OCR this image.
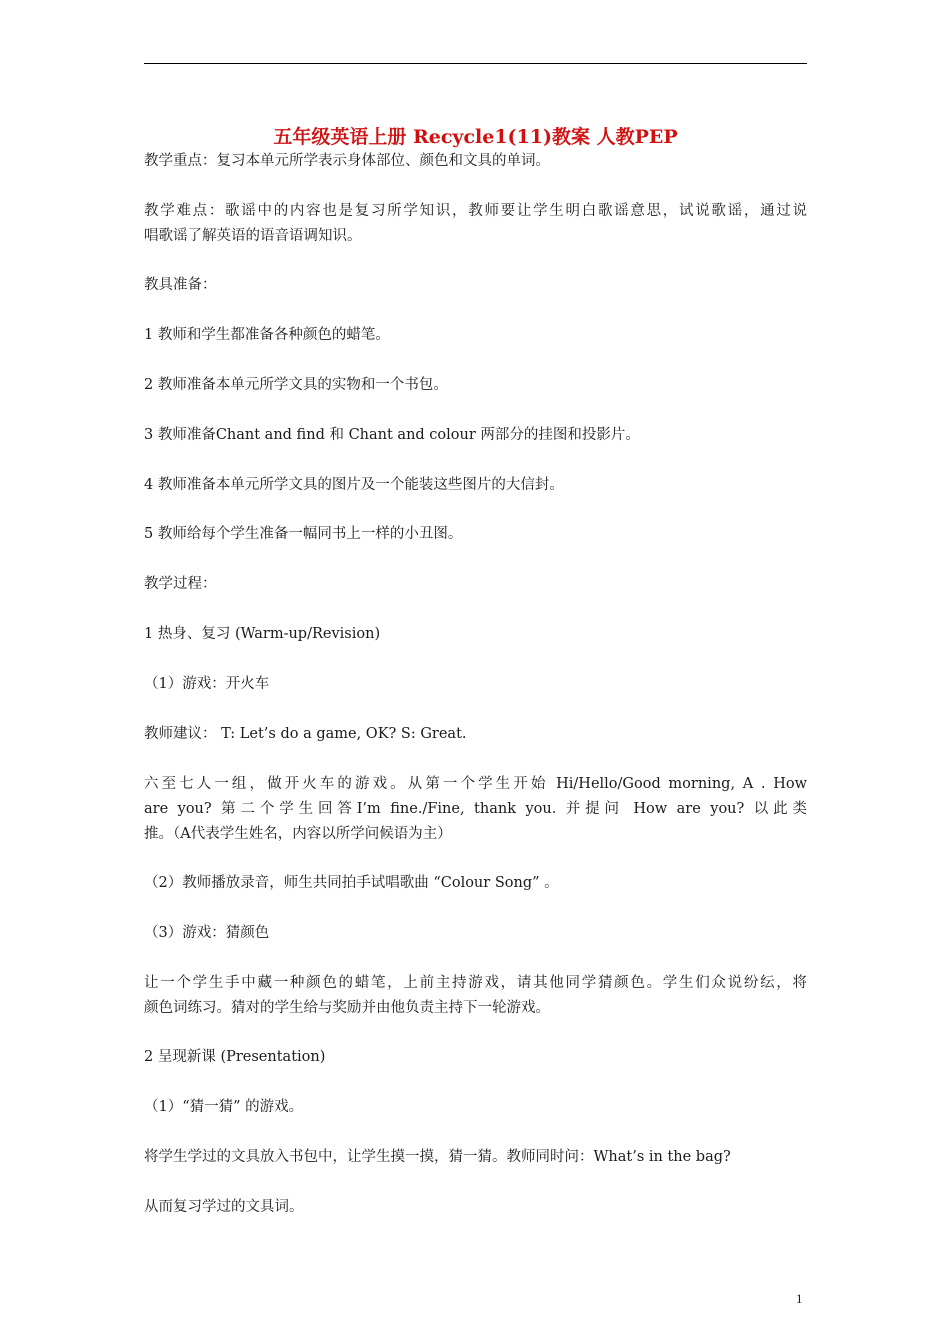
五年级英语上册 Recycle1(11)教案 人教PEP
教学重点：复习本单元所学表示身体部位、颜色和文具的单词。
教学难点：歌谣中的内容也是复习所学知识，教师要让学生明白歌谣意思，试说歌谣，通过说
唱歌谣了解英语的语音语调知识。
教具准备：
1 教师和学生都准备各种颜色的蜡笔。
2 教师准备本单元所学文具的实物和一个书包。
3 教师准备Chant and find 和 Chant and colour 两部分的挂图和投影片。
4 教师准备本单元所学文具的图片及一个能装这些图片的大信封。
5 教师给每个学生准备一幅同书上一样的小丑图。
教学过程：
1 热身、复习 (Warm-up/Revision)
（1）游戏：开火车
教师建议： T: Let’s do a game, OK? S: Great.
六至七人一组，做开火车的游戏。从第一个学生开始 Hi/Hello/Good morning, A . How
are you? 第二个学生回答I’m fine./Fine, thank you. 并提问 How are you? 以此类
推。（A代表学生姓名，内容以所学问候语为主）
（2）教师播放录音，师生共同拍手试唱歌曲 “Colour Song” 。
（3）游戏：猜颜色
让一个学生手中藏一种颜色的蜡笔，上前主持游戏，请其他同学猜颜色。学生们众说纷纭，将
颜色词练习。猜对的学生给与奖励并由他负责主持下一轮游戏。
2 呈现新课 (Presentation)
（1）“猜一猜” 的游戏。
将学生学过的文具放入书包中，让学生摸一摸，猜一猜。教师同时问：What’s in the bag?
从而复习学过的文具词。
1
